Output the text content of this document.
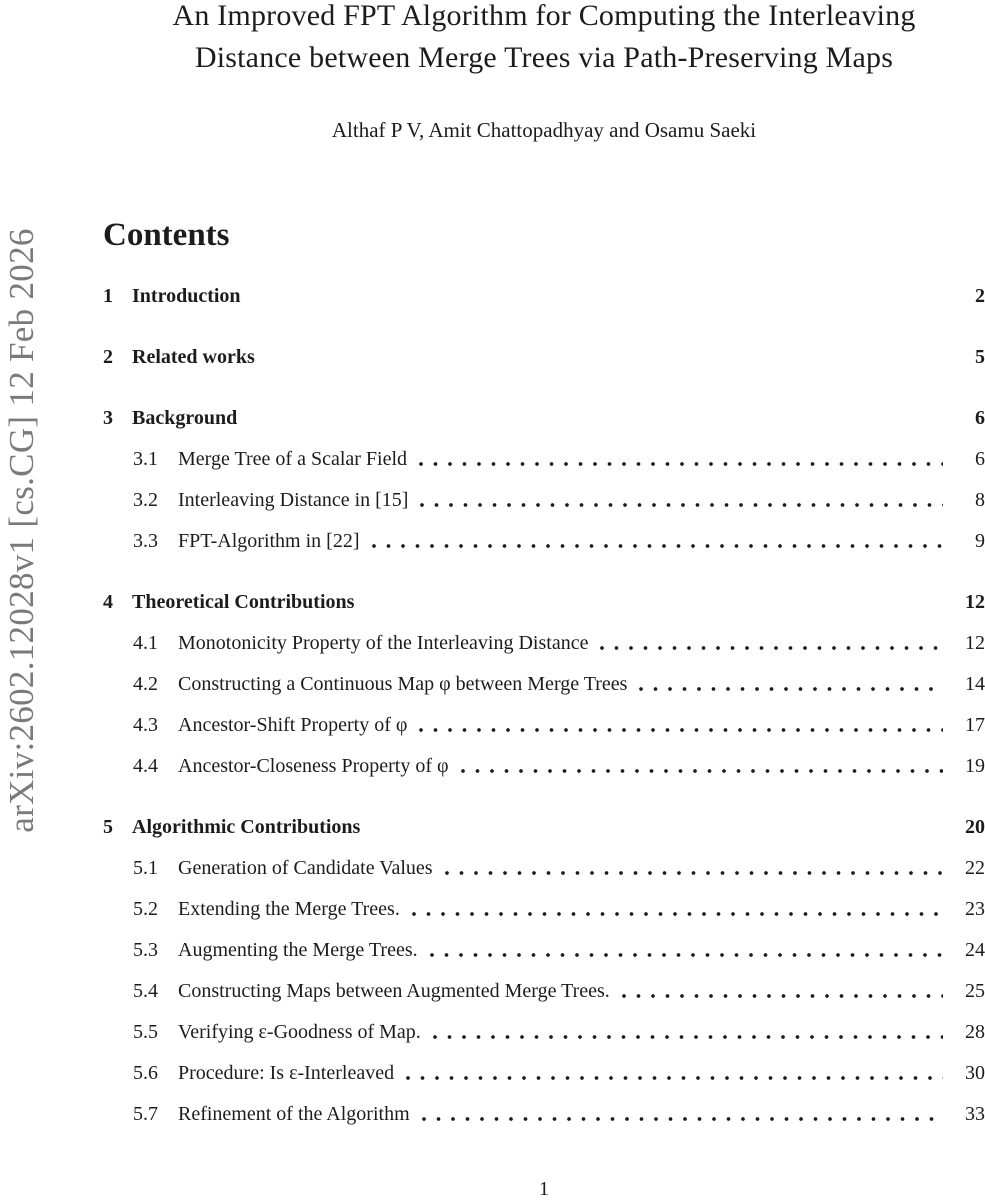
arXiv:2602.12028v1 [cs.CG] 12 Feb 2026
An Improved FPT Algorithm for Computing the Interleaving
Distance between Merge Trees via Path-Preserving Maps
Althaf P V, Amit Chattopadhyay and Osamu Saeki
Contents
1 Introduction	2
2 Related works	5
3 Background	6
3.1	Merge Tree of a Scalar Field	6
3.2	Interleaving Distance in [15]	8
3.3	FPT-Algorithm in [22]	9
4 Theoretical Contributions	12
4.1	Monotonicity Property of the Interleaving Distance	12
4.2	Constructing a Continuous Map φ between Merge Trees	14
4.3	Ancestor-Shift Property of φ	17
4.4	Ancestor-Closeness Property of φ	19
5 Algorithmic Contributions	20
5.1	Generation of Candidate Values	22
5.2	Extending the Merge Trees.	23
5.3	Augmenting the Merge Trees.	24
5.4	Constructing Maps between Augmented Merge Trees.	25
5.5	Verifying ε-Goodness of Map.	28
5.6	Procedure: Is ε-Interleaved	30
5.7	Refinement of the Algorithm	33
1
